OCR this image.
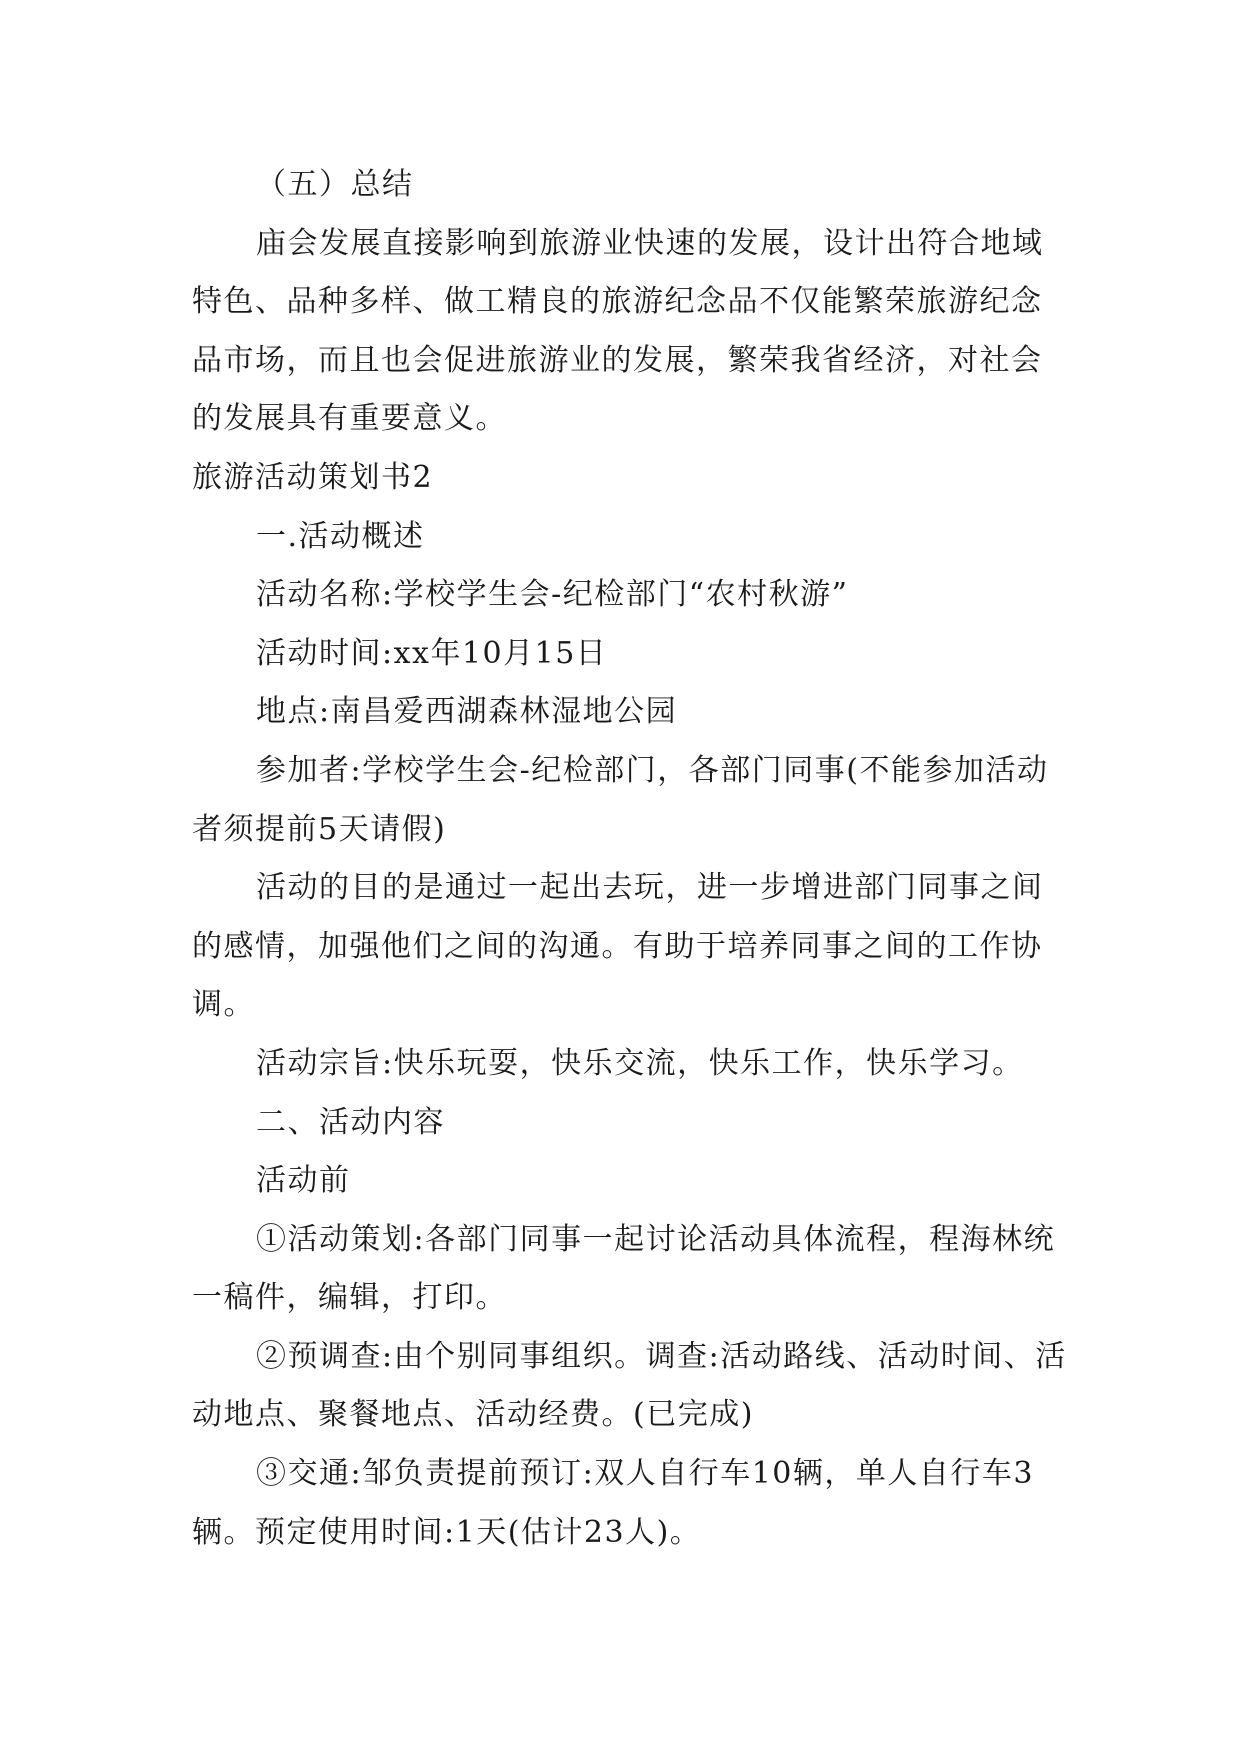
（五）总结

庙会发展直接影响到旅游业快速的发展，设计出符合地域特色、品种多样、做工精良的旅游纪念品不仅能繁荣旅游纪念品市场，而且也会促进旅游业的发展，繁荣我省经济，对社会的发展具有重要意义。

旅游活动策划书2

一.活动概述

活动名称:学校学生会-纪检部门“农村秋游”

活动时间:xx年10月15日

地点:南昌爱西湖森林湿地公园

参加者:学校学生会-纪检部门，各部门同事(不能参加活动者须提前5天请假)

活动的目的是通过一起出去玩，进一步增进部门同事之间的感情，加强他们之间的沟通。有助于培养同事之间的工作协调。

活动宗旨:快乐玩耍，快乐交流，快乐工作，快乐学习。

二、活动内容

活动前

①活动策划:各部门同事一起讨论活动具体流程，程海林统一稿件，编辑，打印。

②预调查:由个别同事组织。调查:活动路线、活动时间、活动地点、聚餐地点、活动经费。(已完成)

③交通:邹负责提前预订:双人自行车10辆，单人自行车3辆。预定使用时间:1天(估计23人)。
